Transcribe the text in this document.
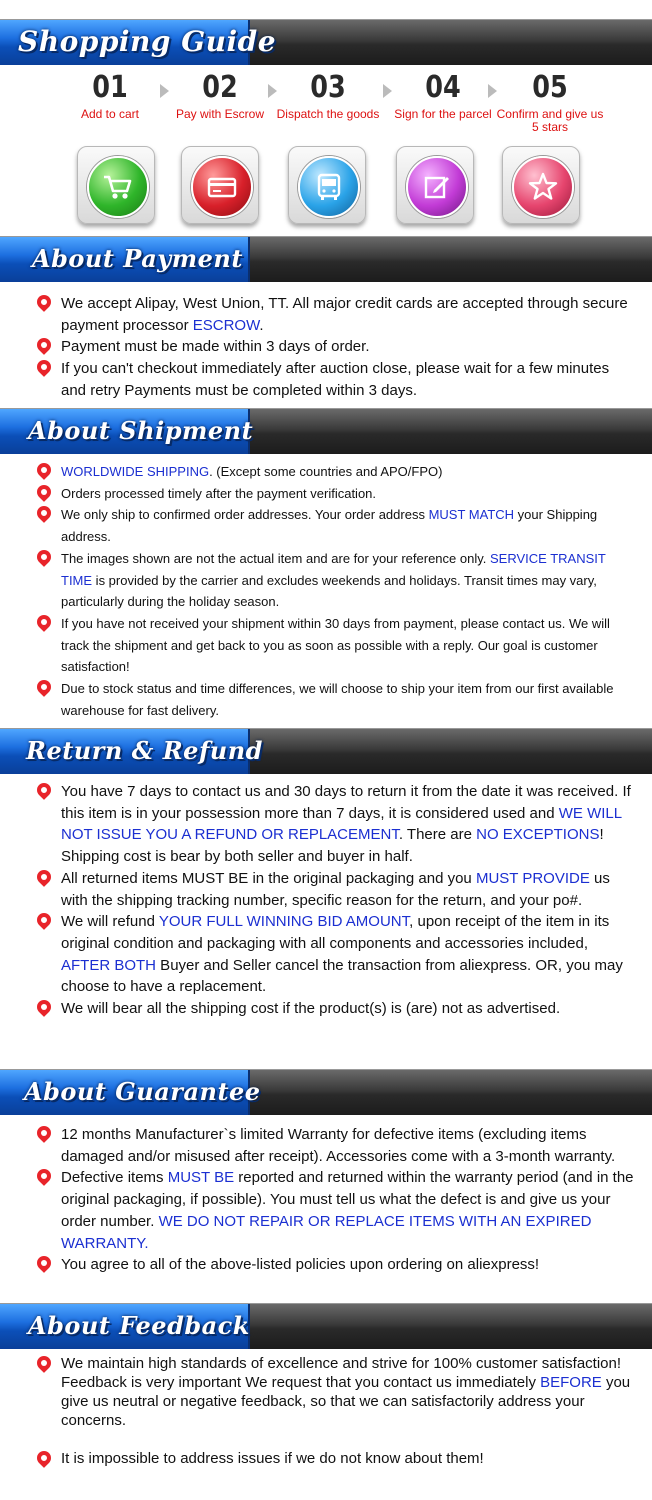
Shopping Guide
01
Add to cart
02
Pay with Escrow
03
Dispatch the goods
04
Sign for the parcel
05
Confirm and give us 5 stars
About Payment
We accept Alipay, West Union, TT. All major credit cards are accepted through secure payment processor ESCROW.
Payment must be made within 3 days of order.
If you can't checkout immediately after auction close, please wait for a few minutes and retry Payments must be completed within 3 days.
About Shipment
WORLDWIDE SHIPPING. (Except some countries and APO/FPO)
Orders processed timely after the payment verification.
We only ship to confirmed order addresses. Your order address MUST MATCH your Shipping address.
The images shown are not the actual item and are for your reference only. SERVICE TRANSIT TIME is provided by the carrier and excludes weekends and holidays. Transit times may vary, particularly during the holiday season.
If you have not received your shipment within 30 days from payment, please contact us. We will track the shipment and get back to you as soon as possible with a reply. Our goal is customer satisfaction!
Due to stock status and time differences, we will choose to ship your item from our first available warehouse for fast delivery.
Return & Refund
You have 7 days to contact us and 30 days to return it from the date it was received. If this item is in your possession more than 7 days, it is considered used and WE WILL NOT ISSUE YOU A REFUND OR REPLACEMENT. There are NO EXCEPTIONS! Shipping cost is bear by both seller and buyer in half.
All returned items MUST BE in the original packaging and you MUST PROVIDE us with the shipping tracking number, specific reason for the return, and your po#.
We will refund YOUR FULL WINNING BID AMOUNT, upon receipt of the item in its original condition and packaging with all components and accessories included, AFTER BOTH Buyer and Seller cancel the transaction from aliexpress. OR, you may choose to have a replacement.
We will bear all the shipping cost if the product(s) is (are) not as advertised.
About Guarantee
12 months Manufacturer`s limited Warranty for defective items (excluding items damaged and/or misused after receipt). Accessories come with a 3-month warranty.
Defective items MUST BE reported and returned within the warranty period (and in the original packaging, if possible). You must tell us what the defect is and give us your order number. WE DO NOT REPAIR OR REPLACE ITEMS WITH AN EXPIRED WARRANTY.
You agree to all of the above-listed policies upon ordering on aliexpress!
About Feedback
We maintain high standards of excellence and strive for 100% customer satisfaction! Feedback is very important We request that you contact us immediately BEFORE you give us neutral or negative feedback, so that we can satisfactorily address your concerns.
It is impossible to address issues if we do not know about them!
